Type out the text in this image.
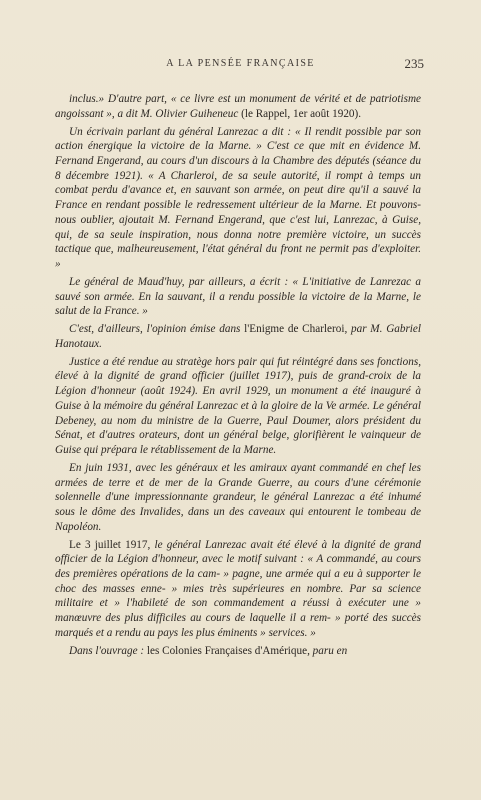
A LA PENSÉE FRANÇAISE	235

inclus.» D'autre part, « ce livre est un monument de vérité et de patriotisme angoissant », a dit M. Olivier Guiheneuc (le Rappel, 1er août 1920).

Un écrivain parlant du général Lanrezac a dit : « Il rendit possible par son action énergique la victoire de la Marne. » C'est ce que mit en évidence M. Fernand Engerand, au cours d'un discours à la Chambre des députés (séance du 8 décembre 1921). « A Charleroi, de sa seule autorité, il rompt à temps un combat perdu d'avance et, en sauvant son armée, on peut dire qu'il a sauvé la France en rendant possible le redressement ultérieur de la Marne. Et pouvons-nous oublier, ajoutait M. Fernand Engerand, que c'est lui, Lanrezac, à Guise, qui, de sa seule inspiration, nous donna notre première victoire, un succès tactique que, malheureusement, l'état général du front ne permit pas d'exploiter. »

Le général de Maud'huy, par ailleurs, a écrit : « L'initiative de Lanrezac a sauvé son armée. En la sauvant, il a rendu possible la victoire de la Marne, le salut de la France. »

C'est, d'ailleurs, l'opinion émise dans l'Enigme de Charleroi, par M. Gabriel Hanotaux.

Justice a été rendue au stratège hors pair qui fut réintégré dans ses fonctions, élevé à la dignité de grand officier (juillet 1917), puis de grand-croix de la Légion d'honneur (août 1924). En avril 1929, un monument a été inauguré à Guise à la mémoire du général Lanrezac et à la gloire de la Ve armée. Le général Debeney, au nom du ministre de la Guerre, Paul Doumer, alors président du Sénat, et d'autres orateurs, dont un général belge, glorifièrent le vainqueur de Guise qui prépara le rétablissement de la Marne.

En juin 1931, avec les généraux et les amiraux ayant commandé en chef les armées de terre et de mer de la Grande Guerre, au cours d'une cérémonie solennelle d'une impressionnante grandeur, le général Lanrezac a été inhumé sous le dôme des Invalides, dans un des caveaux qui entourent le tombeau de Napoléon.

Le 3 juillet 1917, le général Lanrezac avait été élevé à la dignité de grand officier de la Légion d'honneur, avec le motif suivant : « A commandé, au cours des premières opérations de la cam- » pagne, une armée qui a eu à supporter le choc des masses enne- » mies très supérieures en nombre. Par sa science militaire et » l'habileté de son commandement a réussi à exécuter une » manœuvre des plus difficiles au cours de laquelle il a rem- » porté des succès marqués et a rendu au pays les plus éminents » services. »

Dans l'ouvrage : les Colonies Françaises d'Amérique, paru en
